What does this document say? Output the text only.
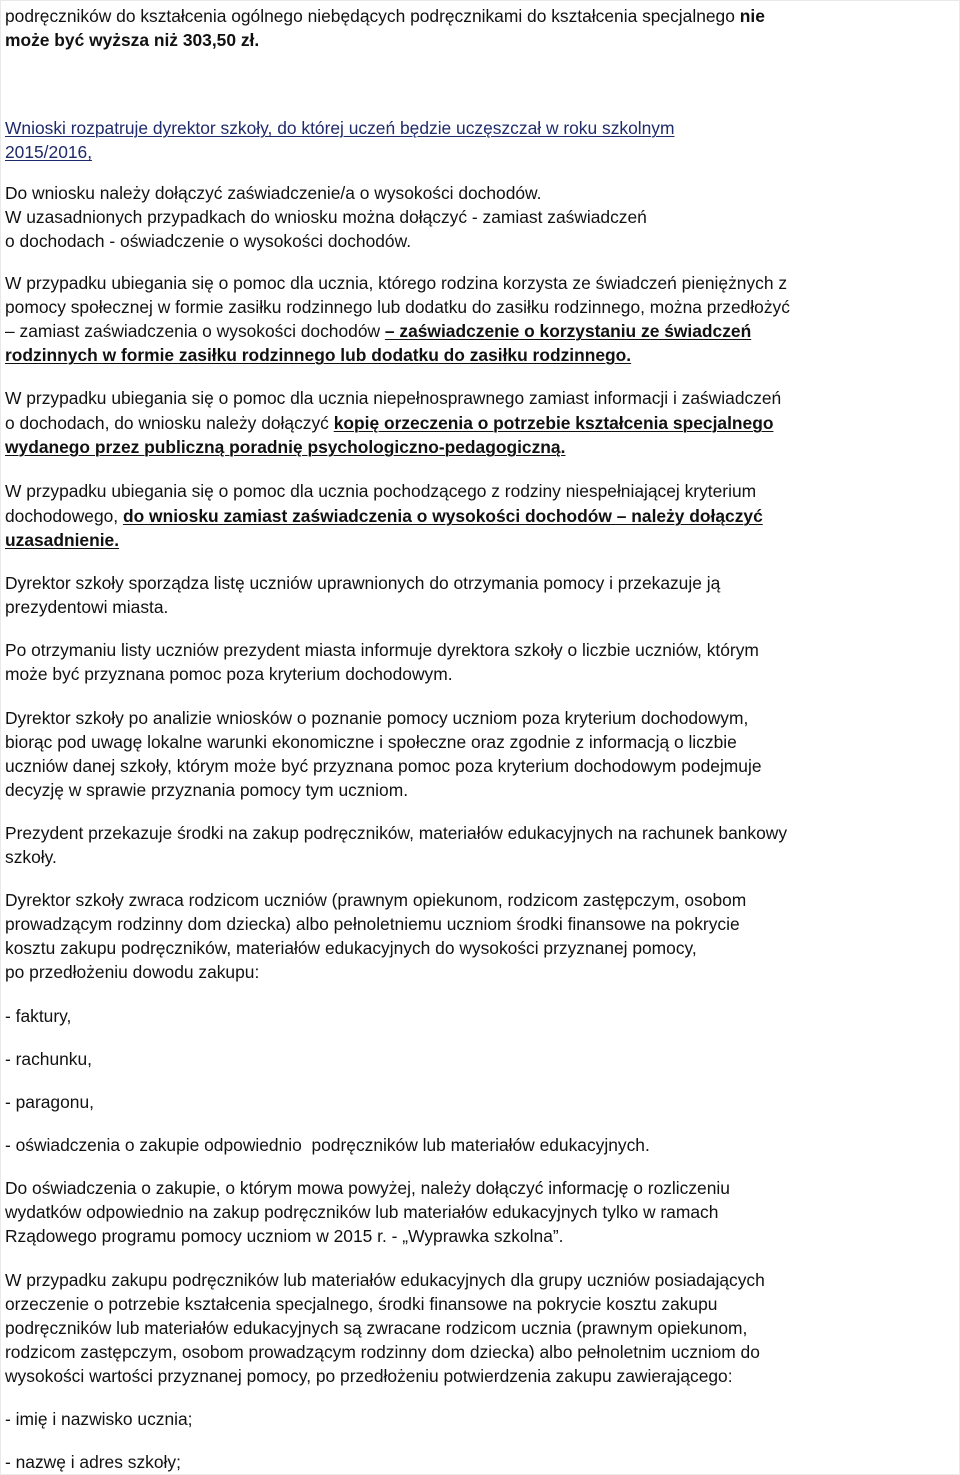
podręczników do kształcenia ogólnego niebędących podręcznikami do kształcenia specjalnego nie
może być wyższa niż 303,50 zł.
Wnioski rozpatruje dyrektor szkoły, do której uczeń będzie uczęszczał w roku szkolnym
2015/2016,
Do wniosku należy dołączyć zaświadczenie/a o wysokości dochodów.
W uzasadnionych przypadkach do wniosku można dołączyć - zamiast zaświadczeń
o dochodach - oświadczenie o wysokości dochodów.
W przypadku ubiegania się o pomoc dla ucznia, którego rodzina korzysta ze świadczeń pieniężnych z
pomocy społecznej w formie zasiłku rodzinnego lub dodatku do zasiłku rodzinnego, można przedłożyć
– zamiast zaświadczenia o wysokości dochodów – zaświadczenie o korzystaniu ze świadczeń
rodzinnych w formie zasiłku rodzinnego lub dodatku do zasiłku rodzinnego.
W przypadku ubiegania się o pomoc dla ucznia niepełnosprawnego zamiast informacji i zaświadczeń
o dochodach, do wniosku należy dołączyć kopię orzeczenia o potrzebie kształcenia specjalnego
wydanego przez publiczną poradnię psychologiczno-pedagogiczną.
W przypadku ubiegania się o pomoc dla ucznia pochodzącego z rodziny niespełniającej kryterium
dochodowego, do wniosku zamiast zaświadczenia o wysokości dochodów – należy dołączyć
uzasadnienie.
Dyrektor szkoły sporządza listę uczniów uprawnionych do otrzymania pomocy i przekazuje ją
prezydentowi miasta.
Po otrzymaniu listy uczniów prezydent miasta informuje dyrektora szkoły o liczbie uczniów, którym
może być przyznana pomoc poza kryterium dochodowym.
Dyrektor szkoły po analizie wniosków o poznanie pomocy uczniom poza kryterium dochodowym,
biorąc pod uwagę lokalne warunki ekonomiczne i społeczne oraz zgodnie z informacją o liczbie
uczniów danej szkoły, którym może być przyznana pomoc poza kryterium dochodowym podejmuje
decyzję w sprawie przyznania pomocy tym uczniom.
Prezydent przekazuje środki na zakup podręczników, materiałów edukacyjnych na rachunek bankowy
szkoły.
Dyrektor szkoły zwraca rodzicom uczniów (prawnym opiekunom, rodzicom zastępczym, osobom
prowadzącym rodzinny dom dziecka) albo pełnoletniemu uczniom środki finansowe na pokrycie
kosztu zakupu podręczników, materiałów edukacyjnych do wysokości przyznanej pomocy,
po przedłożeniu dowodu zakupu:
- faktury,
- rachunku,
- paragonu,
- oświadczenia o zakupie odpowiednio  podręczników lub materiałów edukacyjnych.
Do oświadczenia o zakupie, o którym mowa powyżej, należy dołączyć informację o rozliczeniu
wydatków odpowiednio na zakup podręczników lub materiałów edukacyjnych tylko w ramach
Rządowego programu pomocy uczniom w 2015 r. - „Wyprawka szkolna”.
W przypadku zakupu podręczników lub materiałów edukacyjnych dla grupy uczniów posiadających
orzeczenie o potrzebie kształcenia specjalnego, środki finansowe na pokrycie kosztu zakupu
podręczników lub materiałów edukacyjnych są zwracane rodzicom ucznia (prawnym opiekunom,
rodzicom zastępczym, osobom prowadzącym rodzinny dom dziecka) albo pełnoletnim uczniom do
wysokości wartości przyznanej pomocy, po przedłożeniu potwierdzenia zakupu zawierającego:
- imię i nazwisko ucznia;
- nazwę i adres szkoły;
